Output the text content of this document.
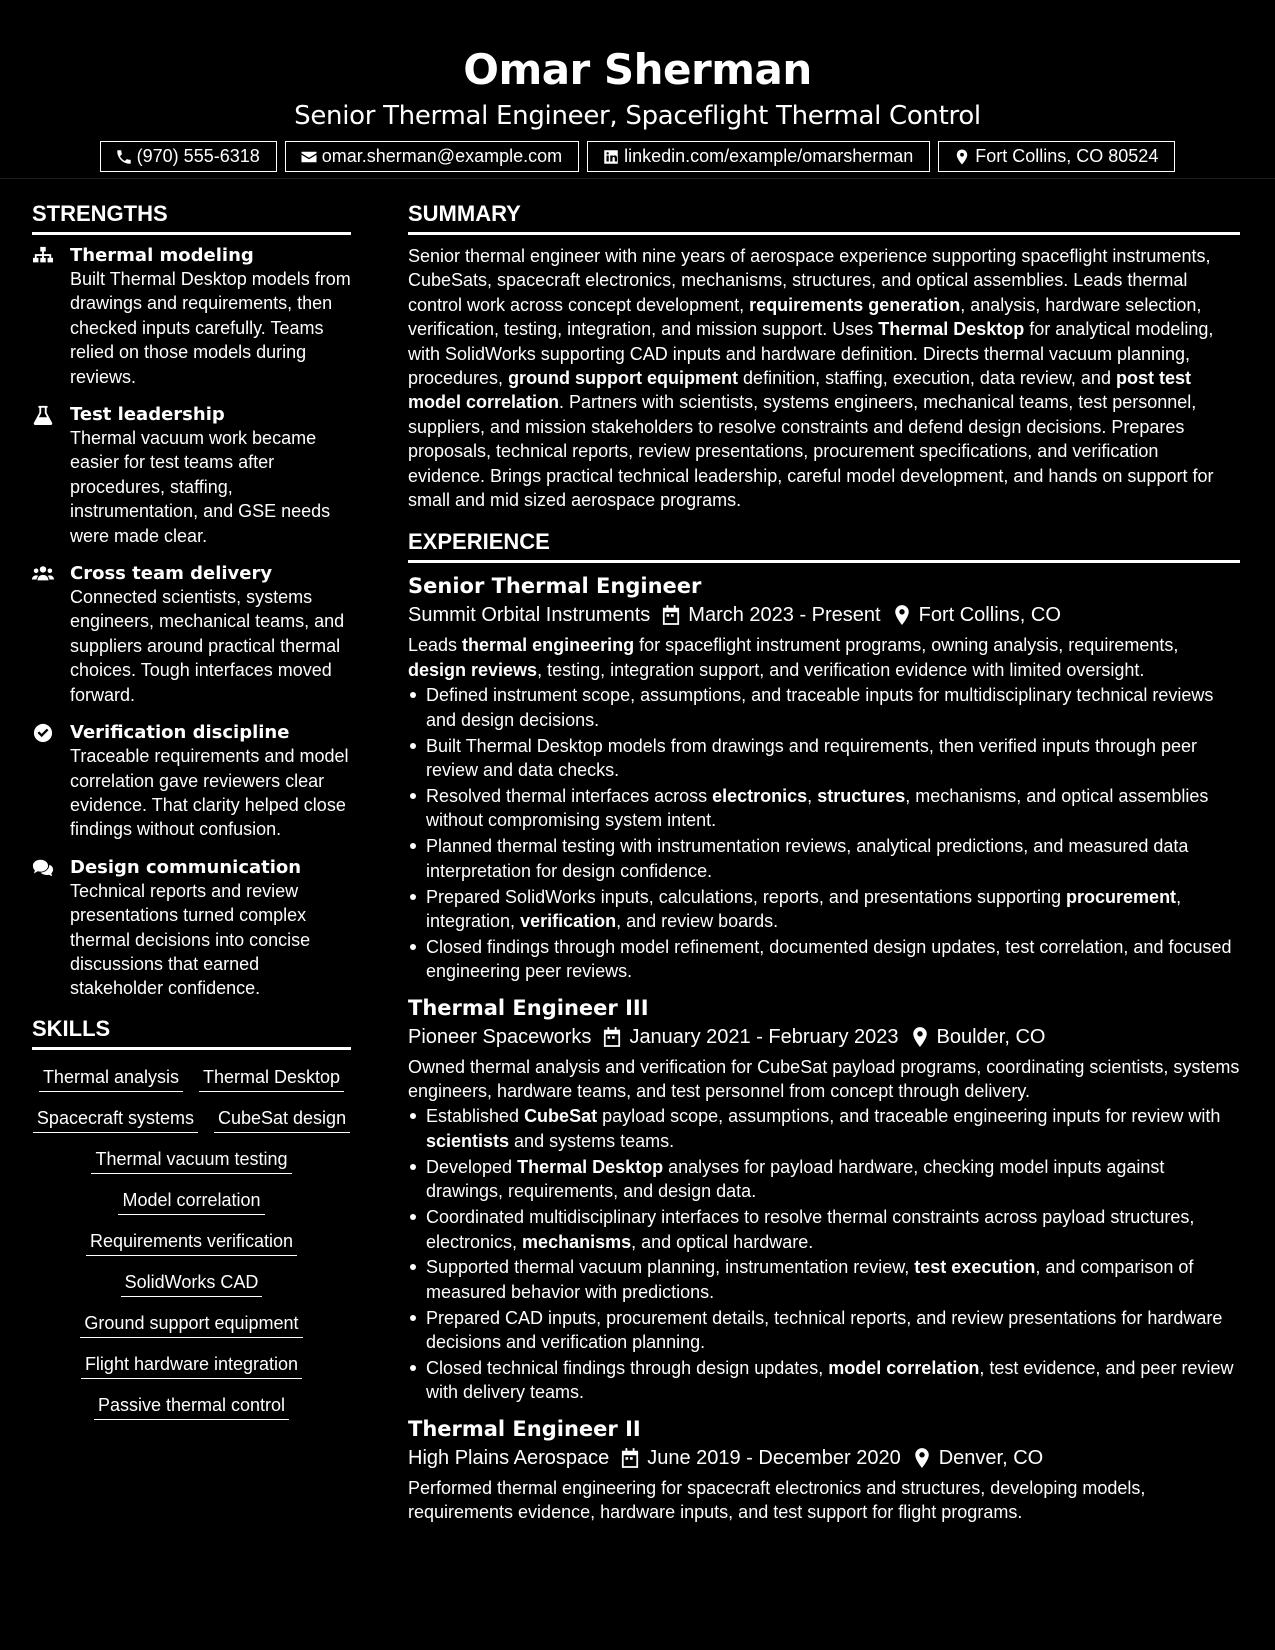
Omar Sherman
Senior Thermal Engineer, Spaceflight Thermal Control
(970) 555-6318	omar.sherman@example.com	linkedin.com/example/omarsherman	Fort Collins, CO 80524
STRENGTHS
Thermal modeling
Built Thermal Desktop models from drawings and requirements, then checked inputs carefully. Teams relied on those models during reviews.
Test leadership
Thermal vacuum work became easier for test teams after procedures, staffing, instrumentation, and GSE needs were made clear.
Cross team delivery
Connected scientists, systems engineers, mechanical teams, and suppliers around practical thermal choices. Tough interfaces moved forward.
Verification discipline
Traceable requirements and model correlation gave reviewers clear evidence. That clarity helped close findings without confusion.
Design communication
Technical reports and review presentations turned complex thermal decisions into concise discussions that earned stakeholder confidence.
SKILLS
Thermal analysis Thermal Desktop
Spacecraft systems CubeSat design
Thermal vacuum testing
Model correlation
Requirements verification
SolidWorks CAD
Ground support equipment
Flight hardware integration
Passive thermal control
SUMMARY
Senior thermal engineer with nine years of aerospace experience supporting spaceflight instruments, CubeSats, spacecraft electronics, mechanisms, structures, and optical assemblies. Leads thermal control work across concept development, requirements generation, analysis, hardware selection, verification, testing, integration, and mission support. Uses Thermal Desktop for analytical modeling, with SolidWorks supporting CAD inputs and hardware definition. Directs thermal vacuum planning, procedures, ground support equipment definition, staffing, execution, data review, and post test model correlation. Partners with scientists, systems engineers, mechanical teams, test personnel, suppliers, and mission stakeholders to resolve constraints and defend design decisions. Prepares proposals, technical reports, review presentations, procurement specifications, and verification evidence. Brings practical technical leadership, careful model development, and hands on support for small and mid sized aerospace programs.
EXPERIENCE
Senior Thermal Engineer
Summit Orbital Instruments March 2023 - Present Fort Collins, CO
Leads thermal engineering for spaceflight instrument programs, owning analysis, requirements, design reviews, testing, integration support, and verification evidence with limited oversight.
Defined instrument scope, assumptions, and traceable inputs for multidisciplinary technical reviews and design decisions.
Built Thermal Desktop models from drawings and requirements, then verified inputs through peer review and data checks.
Resolved thermal interfaces across electronics, structures, mechanisms, and optical assemblies without compromising system intent.
Planned thermal testing with instrumentation reviews, analytical predictions, and measured data interpretation for design confidence.
Prepared SolidWorks inputs, calculations, reports, and presentations supporting procurement, integration, verification, and review boards.
Closed findings through model refinement, documented design updates, test correlation, and focused engineering peer reviews.
Thermal Engineer III
Pioneer Spaceworks January 2021 - February 2023 Boulder, CO
Owned thermal analysis and verification for CubeSat payload programs, coordinating scientists, systems engineers, hardware teams, and test personnel from concept through delivery.
Established CubeSat payload scope, assumptions, and traceable engineering inputs for review with scientists and systems teams.
Developed Thermal Desktop analyses for payload hardware, checking model inputs against drawings, requirements, and design data.
Coordinated multidisciplinary interfaces to resolve thermal constraints across payload structures, electronics, mechanisms, and optical hardware.
Supported thermal vacuum planning, instrumentation review, test execution, and comparison of measured behavior with predictions.
Prepared CAD inputs, procurement details, technical reports, and review presentations for hardware decisions and verification planning.
Closed technical findings through design updates, model correlation, test evidence, and peer review with delivery teams.
Thermal Engineer II
High Plains Aerospace June 2019 - December 2020 Denver, CO
Performed thermal engineering for spacecraft electronics and structures, developing models, requirements evidence, hardware inputs, and test support for flight programs.
